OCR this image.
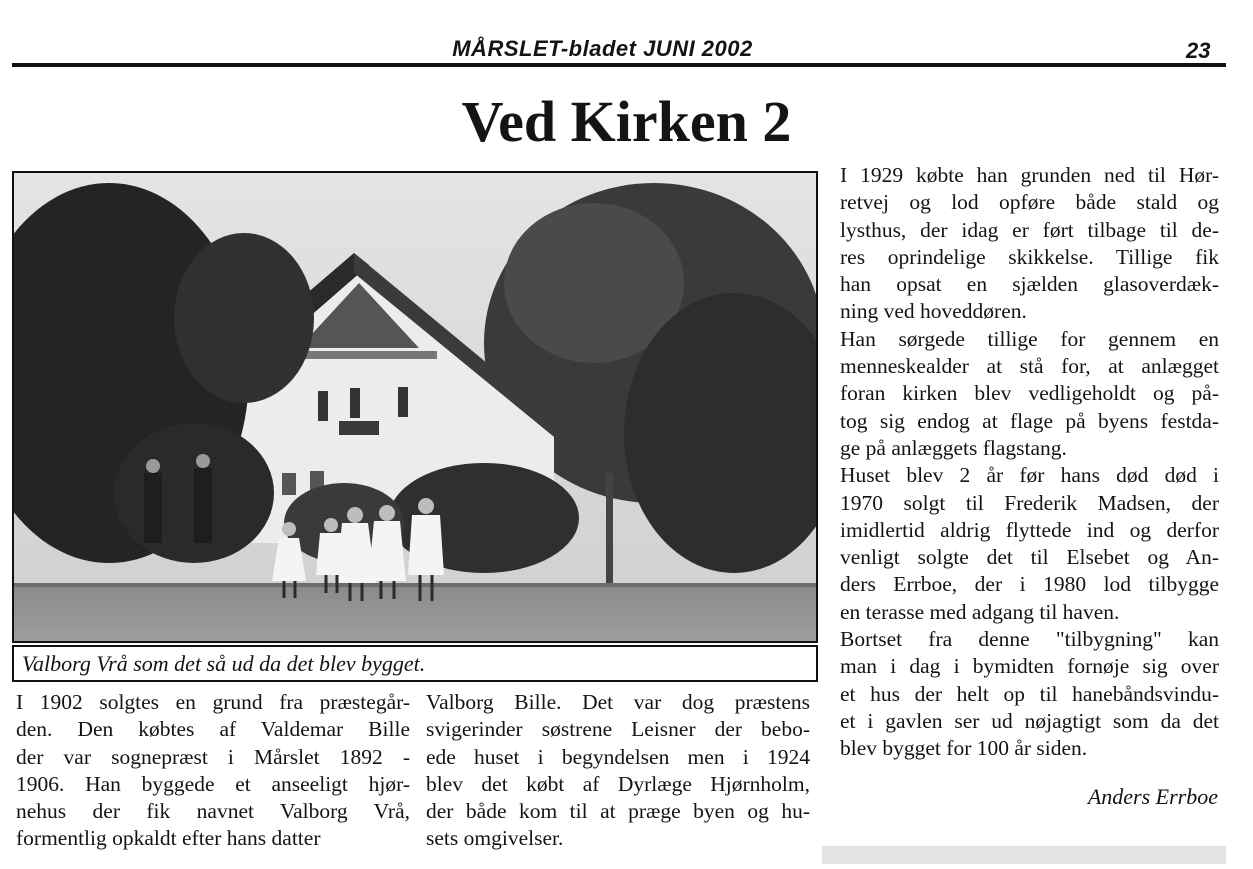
MÅRSLET-bladet JUNI 2002	23
Ved Kirken 2
Valborg Vrå som det så ud da det blev bygget.
I 1902 solgtes en grund fra præstegår-
den. Den købtes af Valdemar Bille
der var sognepræst i Mårslet 1892 -
1906. Han byggede et anseeligt hjør-
nehus der fik navnet Valborg Vrå,
formentlig opkaldt efter hans datter
Valborg Bille. Det var dog præstens
svigerinder søstrene Leisner der bebo-
ede huset i begyndelsen men i 1924
blev det købt af Dyrlæge Hjørnholm,
der både kom til at præge byen og hu-
sets omgivelser.
I 1929 købte han grunden ned til Hør-
retvej og lod opføre både stald og
lysthus, der idag er ført tilbage til de-
res oprindelige skikkelse. Tillige fik
han opsat en sjælden glasoverdæk-
ning ved hoveddøren.
Han sørgede tillige for gennem en
menneskealder at stå for, at anlægget
foran kirken blev vedligeholdt og på-
tog sig endog at flage på byens festda-
ge på anlæggets flagstang.
Huset blev 2 år før hans død død i
1970 solgt til Frederik Madsen, der
imidlertid aldrig flyttede ind og derfor
venligt solgte det til Elsebet og An-
ders Errboe, der i 1980 lod tilbygge
en terasse med adgang til haven.
Bortset fra denne "tilbygning" kan
man i dag i bymidten fornøje sig over
et hus der helt op til hanebåndsvindu-
et i gavlen ser ud nøjagtigt som da det
blev bygget for 100 år siden.
Anders Errboe
